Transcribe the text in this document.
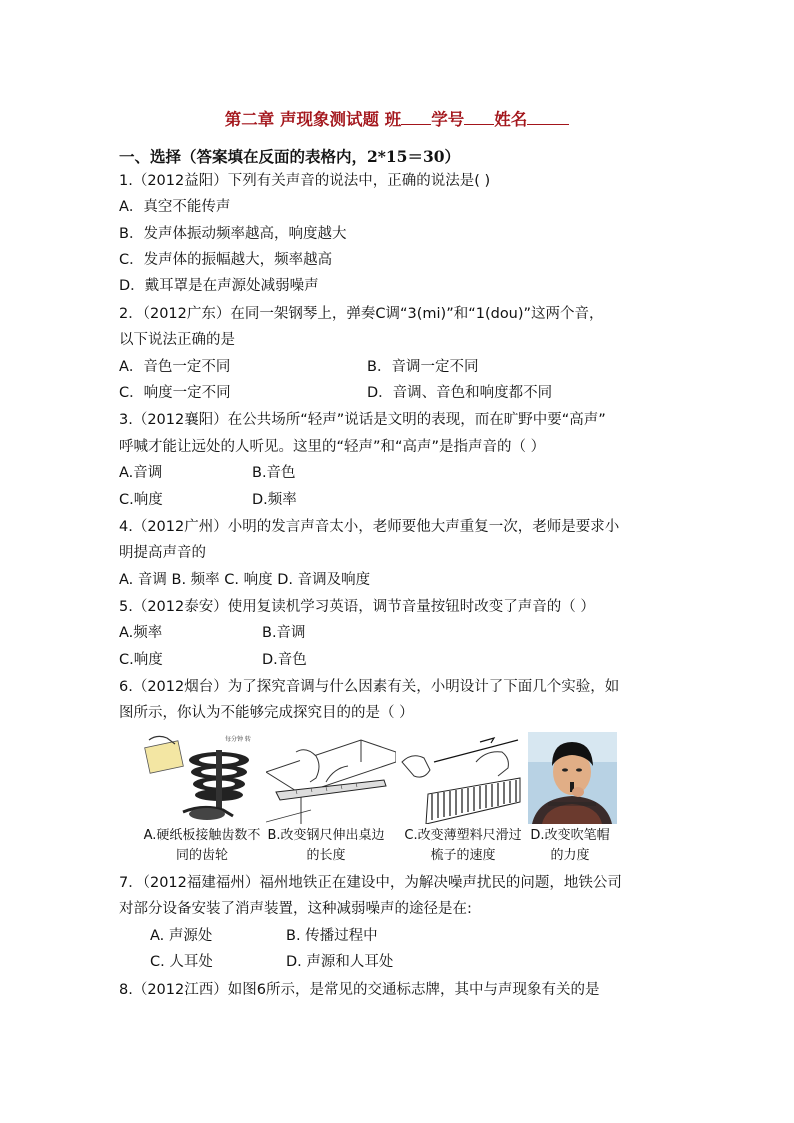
第二章 声现象测试题 班 学号 姓名
一、选择（答案填在反面的表格内，2*15＝30）
1.（2012益阳）下列有关声音的说法中，正确的说法是( )
A．真空不能传声
B．发声体振动频率越高，响度越大
C．发声体的振幅越大，频率越高
D．戴耳罩是在声源处减弱噪声
2．（2012广东）在同一架钢琴上，弹奏C调“3(mi)”和“1(dou)”这两个音，
以下说法正确的是
A．音色一定不同	B．音调一定不同
C．响度一定不同	D．音调、音色和响度都不同
3.（2012襄阳）在公共场所“轻声”说话是文明的表现，而在旷野中要“高声”
呼喊才能让远处的人听见。这里的“轻声”和“高声”是指声音的（ ）
A.音调	B.音色
C.响度	D.频率
4.（2012广州）小明的发言声音太小，老师要他大声重复一次，老师是要求小
明提高声音的
A. 音调 B. 频率 C. 响度 D. 音调及响度
5.（2012泰安）使用复读机学习英语，调节音量按钮时改变了声音的（ ）
A.频率	B.音调
C.响度	D.音色
6.（2012烟台）为了探究音调与什么因素有关，小明设计了下面几个实验，如
图所示，你认为不能够完成探究目的的是（ ）
每分钟 转
A.硬纸板接触齿数不同的齿轮
B.改变钢尺伸出桌边的长度
C.改变薄塑料尺滑过梳子的速度
D.改变吹笔帽的力度
7．（2012福建福州）福州地铁正在建设中，为解决噪声扰民的问题，地铁公司
对部分设备安装了消声装置，这种减弱噪声的途径是在:
A. 声源处	B. 传播过程中
C. 人耳处	D. 声源和人耳处
8.（2012江西）如图6所示，是常见的交通标志牌，其中与声现象有关的是
